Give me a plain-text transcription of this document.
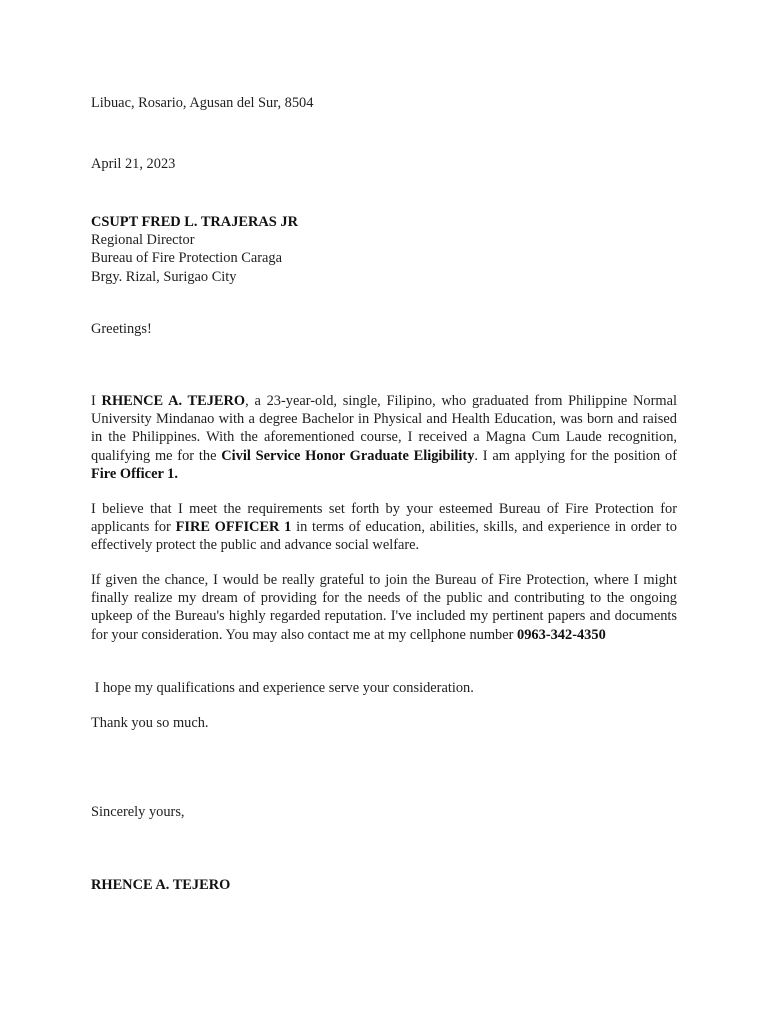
Libuac, Rosario, Agusan del Sur, 8504

April 21, 2023

CSUPT FRED L. TRAJERAS JR
Regional Director
Bureau of Fire Protection Caraga
Brgy. Rizal, Surigao City

Greetings!

I RHENCE A. TEJERO, a 23-year-old, single, Filipino, who graduated from Philippine Normal University Mindanao with a degree Bachelor in Physical and Health Education, was born and raised in the Philippines. With the aforementioned course, I received a Magna Cum Laude recognition, qualifying me for the Civil Service Honor Graduate Eligibility. I am applying for the position of Fire Officer 1.

I believe that I meet the requirements set forth by your esteemed Bureau of Fire Protection for applicants for FIRE OFFICER 1 in terms of education, abilities, skills, and experience in order to effectively protect the public and advance social welfare.

If given the chance, I would be really grateful to join the Bureau of Fire Protection, where I might finally realize my dream of providing for the needs of the public and contributing to the ongoing upkeep of the Bureau's highly regarded reputation. I've included my pertinent papers and documents for your consideration. You may also contact me at my cellphone number 0963-342-4350

I hope my qualifications and experience serve your consideration.

Thank you so much.

Sincerely yours,

RHENCE A. TEJERO
